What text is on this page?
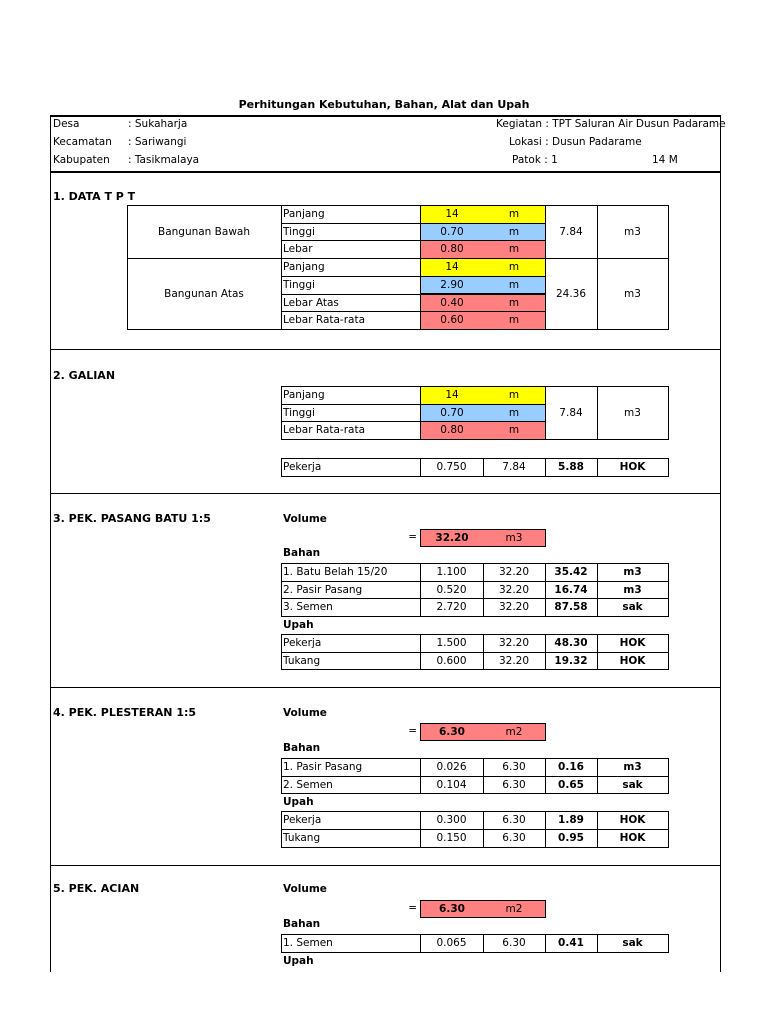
Perhitungan Kebutuhan, Bahan, Alat dan Upah
Desa	: Sukaharja
Kecamatan : Sariwangi
Kabupaten : Tasikmalaya
Kegiatan : TPT Saluran Air Dusun Padarame
Lokasi : Dusun Padarame
Patok : 1	14 M
1. DATA T P T
Panjang	14	m
Tinggi	0.70	m
Lebar	0.80	m
Bangunan Bawah	7.84	m3
Panjang	14	m
Tinggi	2.90	m
Lebar Atas	0.40	m
Lebar Rata-rata	0.60	m
Bangunan Atas	24.36	m3
2. GALIAN
Panjang	14	m
Tinggi	0.70	m
Lebar Rata-rata	0.80	m
7.84	m3
Pekerja	0.750	7.84	5.88	HOK
3. PEK. PASANG BATU 1:5	Volume
=	32.20	m3
Bahan
1. Batu Belah 15/20	1.100	32.20	35.42	m3
2. Pasir Pasang	0.520	32.20	16.74	m3
3. Semen	2.720	32.20	87.58	sak
Upah
Pekerja	1.500	32.20	48.30	HOK
Tukang	0.600	32.20	19.32	HOK
4. PEK. PLESTERAN 1:5	Volume
=	6.30	m2
Bahan
1. Pasir Pasang	0.026	6.30	0.16	m3
2. Semen	0.104	6.30	0.65	sak
Upah
Pekerja	0.300	6.30	1.89	HOK
Tukang	0.150	6.30	0.95	HOK
5. PEK. ACIAN	Volume
=	6.30	m2
Bahan
1. Semen	0.065	6.30	0.41	sak
Upah
